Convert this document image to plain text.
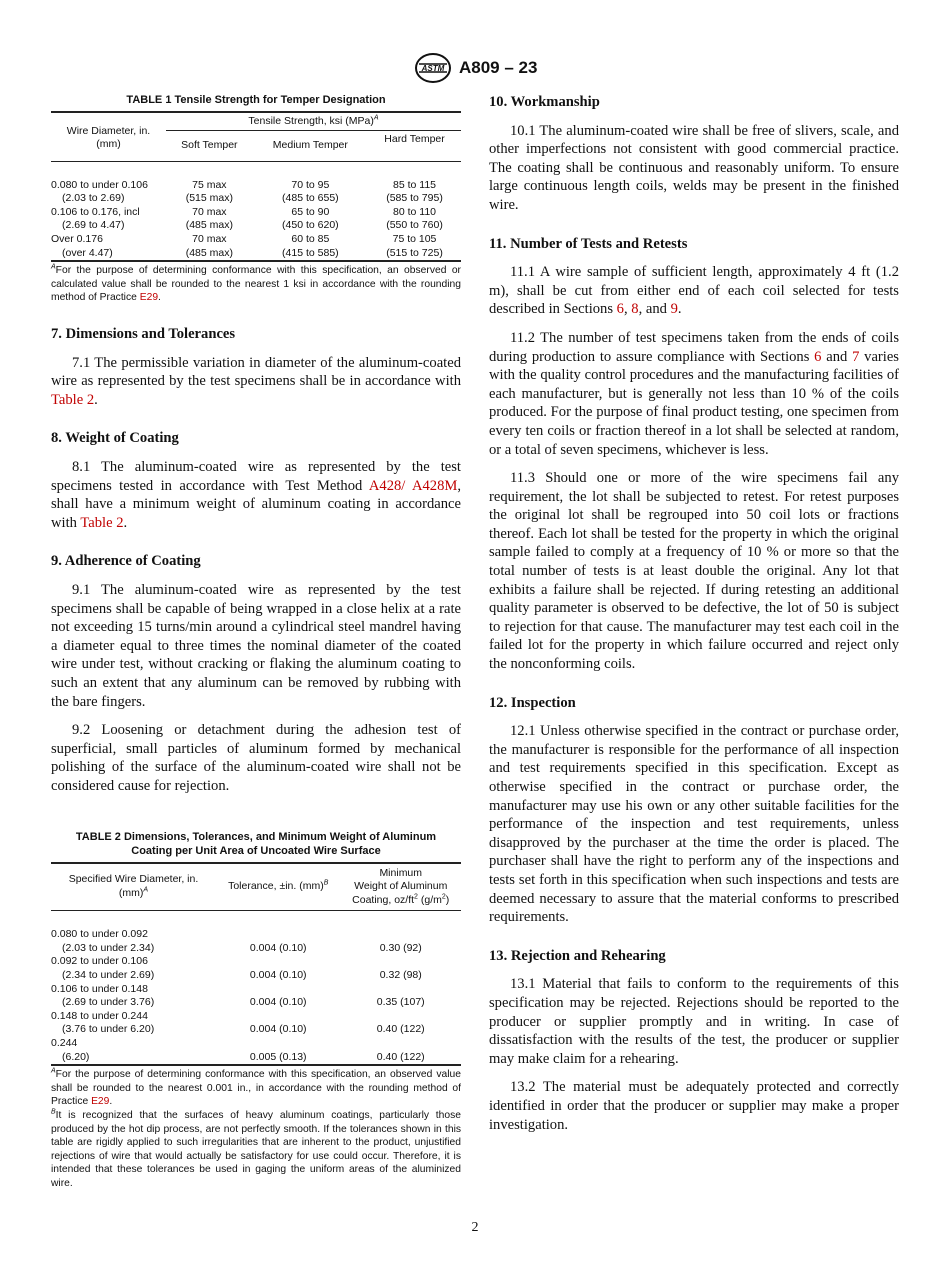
ASTM A809 – 23
TABLE 1 Tensile Strength for Temper Designation
Wire Diameter, in.
(mm)	Tensile Strength, ksi (MPa)$^A$
	Soft Temper	Medium Temper	Hard Temper
0.080 to under 0.106	75 max	70 to 95	85 to 115
(2.03 to 2.69)	(515 max)	(485 to 655)	(585 to 795)
0.106 to 0.176, incl	70 max	65 to 90	80 to 110
(2.69 to 4.47)	(485 max)	(450 to 620)	(550 to 760)
Over 0.176	70 max	60 to 85	75 to 105
(over 4.47)	(485 max)	(415 to 585)	(515 to 725)

$^A$For the purpose of determining conformance with this specification, an observed or calculated value shall be rounded to the nearest 1 ksi in accordance with the rounding method of Practice E29.

7. Dimensions and Tolerances

7.1 The permissible variation in diameter of the aluminum-coated wire as represented by the test specimens shall be in accordance with Table 2.

8. Weight of Coating

8.1 The aluminum-coated wire as represented by the test specimens tested in accordance with Test Method A428/ A428M, shall have a minimum weight of aluminum coating in accordance with Table 2.

9. Adherence of Coating

9.1 The aluminum-coated wire as represented by the test specimens shall be capable of being wrapped in a close helix at a rate not exceeding 15 turns/min around a cylindrical steel mandrel having a diameter equal to three times the nominal diameter of the coated wire under test, without cracking or flaking the aluminum coating to such an extent that any aluminum can be removed by rubbing with the bare fingers.

9.2 Loosening or detachment during the adhesion test of superficial, small particles of aluminum formed by mechanical polishing of the surface of the aluminum-coated wire shall not be considered cause for rejection.

TABLE 2 Dimensions, Tolerances, and Minimum Weight of Aluminum Coating per Unit Area of Uncoated Wire Surface
Specified Wire Diameter, in.
(mm)$^A$	Tolerance, ±in. (mm)$^B$	Minimum
Weight of Aluminum
Coating, $oz/ft^2$ $(g/m^2)$
0.080 to under 0.092		
(2.03 to under 2.34)	0.004 (0.10)	0.30 (92)
0.092 to under 0.106		
(2.34 to under 2.69)	0.004 (0.10)	0.32 (98)
0.106 to under 0.148		
(2.69 to under 3.76)	0.004 (0.10)	0.35 (107)
0.148 to under 0.244		
(3.76 to under 6.20)	0.004 (0.10)	0.40 (122)
0.244		
(6.20)	0.005 (0.13)	0.40 (122)

$^A$For the purpose of determining conformance with this specification, an observed value shall be rounded to the nearest 0.001 in., in accordance with the rounding method of Practice E29.

$^B$It is recognized that the surfaces of heavy aluminum coatings, particularly those produced by the hot dip process, are not perfectly smooth. If the tolerances shown in this table are rigidly applied to such irregularities that are inherent to the product, unjustified rejections of wire that would actually be satisfactory for use could occur. Therefore, it is intended that these tolerances be used in gaging the uniform areas of the aluminized wire.

10. Workmanship

10.1 The aluminum-coated wire shall be free of slivers, scale, and other imperfections not consistent with good commercial practice. The coating shall be continuous and reasonably uniform. To ensure large continuous length coils, welds may be present in the finished wire.

11. Number of Tests and Retests

11.1 A wire sample of sufficient length, approximately 4 ft (1.2 m), shall be cut from either end of each coil selected for tests described in Sections 6, 8, and 9.

11.2 The number of test specimens taken from the ends of coils during production to assure compliance with Sections 6 and 7 varies with the quality control procedures and the manufacturing facilities of each manufacturer, but is generally not less than 10 % of the coils produced. For the purpose of final product testing, one specimen from every ten coils or fraction thereof in a lot shall be selected at random, or a total of seven specimens, whichever is less.

11.3 Should one or more of the wire specimens fail any requirement, the lot shall be subjected to retest. For retest purposes the original lot shall be regrouped into 50 coil lots or fractions thereof. Each lot shall be tested for the property in which the original sample failed to comply at a frequency of 10 % or more so that the total number of tests is at least double the original. Any lot that exhibits a failure shall be rejected. If during retesting an additional quality parameter is observed to be defective, the lot of 50 is subject to rejection for that cause. The manufacturer may test each coil in the failed lot for the property in which failure occurred and reject only the nonconforming coils.

12. Inspection

12.1 Unless otherwise specified in the contract or purchase order, the manufacturer is responsible for the performance of all inspection and test requirements specified in this specification. Except as otherwise specified in the contract or purchase order, the manufacturer may use his own or any other suitable facilities for the performance of the inspection and test requirements, unless disapproved by the purchaser at the time the order is placed. The purchaser shall have the right to perform any of the inspections and tests set forth in this specification when such inspections and tests are deemed necessary to assure that the material conforms to prescribed requirements.

13. Rejection and Rehearing

13.1 Material that fails to conform to the requirements of this specification may be rejected. Rejections should be reported to the producer or supplier promptly and in writing. In case of dissatisfaction with the results of the test, the producer or supplier may make claim for a rehearing.

13.2 The material must be adequately protected and correctly identified in order that the producer or supplier may make a proper investigation.

2
